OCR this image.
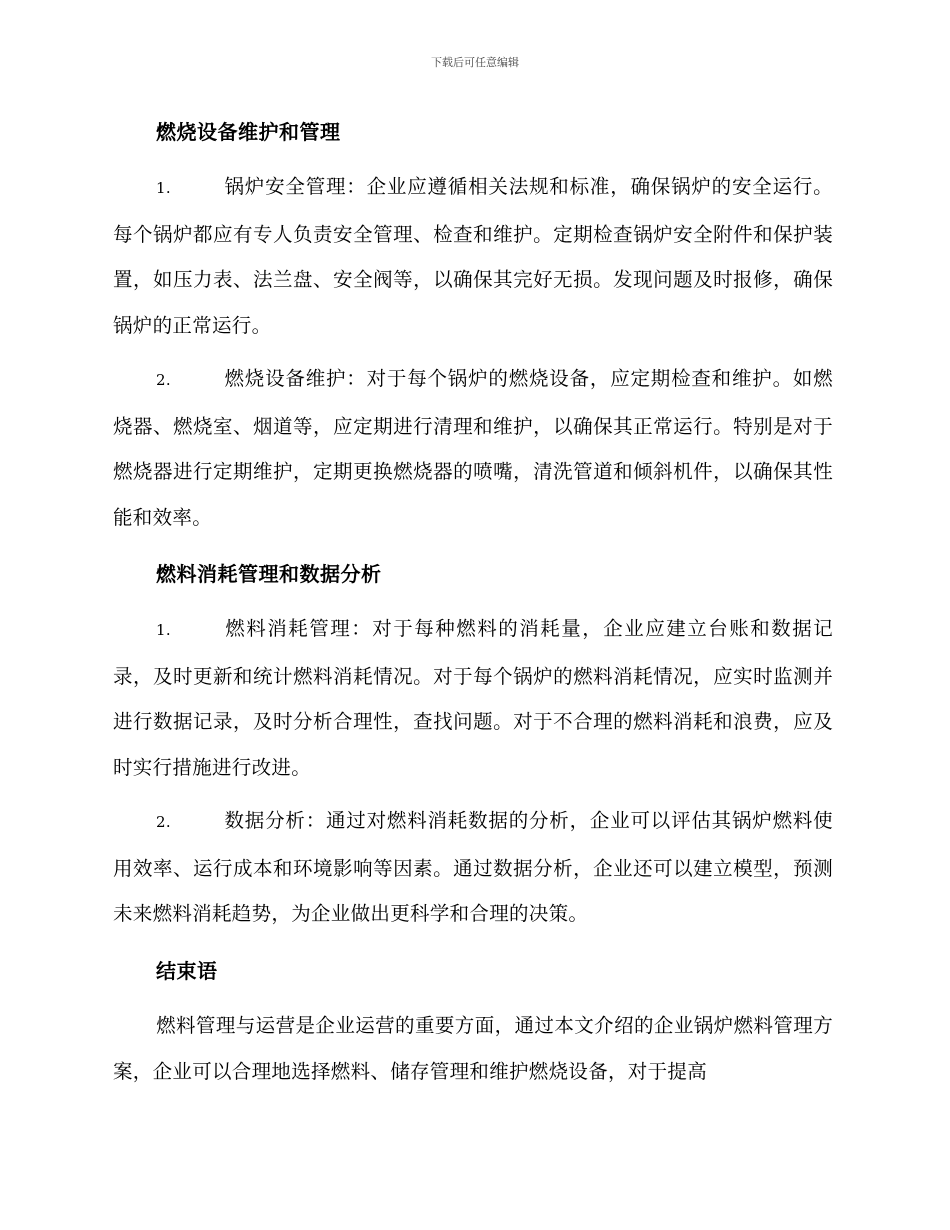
下载后可任意编辑
燃烧设备维护和管理
1.	锅炉安全管理：企业应遵循相关法规和标准，确保锅炉的安全运行。每个锅炉都应有专人负责安全管理、检查和维护。定期检查锅炉安全附件和保护装置，如压力表、法兰盘、安全阀等，以确保其完好无损。发现问题及时报修，确保锅炉的正常运行。
2.	燃烧设备维护：对于每个锅炉的燃烧设备，应定期检查和维护。如燃烧器、燃烧室、烟道等，应定期进行清理和维护，以确保其正常运行。特别是对于燃烧器进行定期维护，定期更换燃烧器的喷嘴，清洗管道和倾斜机件，以确保其性能和效率。
燃料消耗管理和数据分析
1.	燃料消耗管理：对于每种燃料的消耗量，企业应建立台账和数据记录，及时更新和统计燃料消耗情况。对于每个锅炉的燃料消耗情况，应实时监测并进行数据记录，及时分析合理性，查找问题。对于不合理的燃料消耗和浪费，应及时实行措施进行改进。
2.	数据分析：通过对燃料消耗数据的分析，企业可以评估其锅炉燃料使用效率、运行成本和环境影响等因素。通过数据分析，企业还可以建立模型，预测未来燃料消耗趋势，为企业做出更科学和合理的决策。
结束语
燃料管理与运营是企业运营的重要方面，通过本文介绍的企业锅炉燃料管理方案，企业可以合理地选择燃料、储存管理和维护燃烧设备，对于提高
